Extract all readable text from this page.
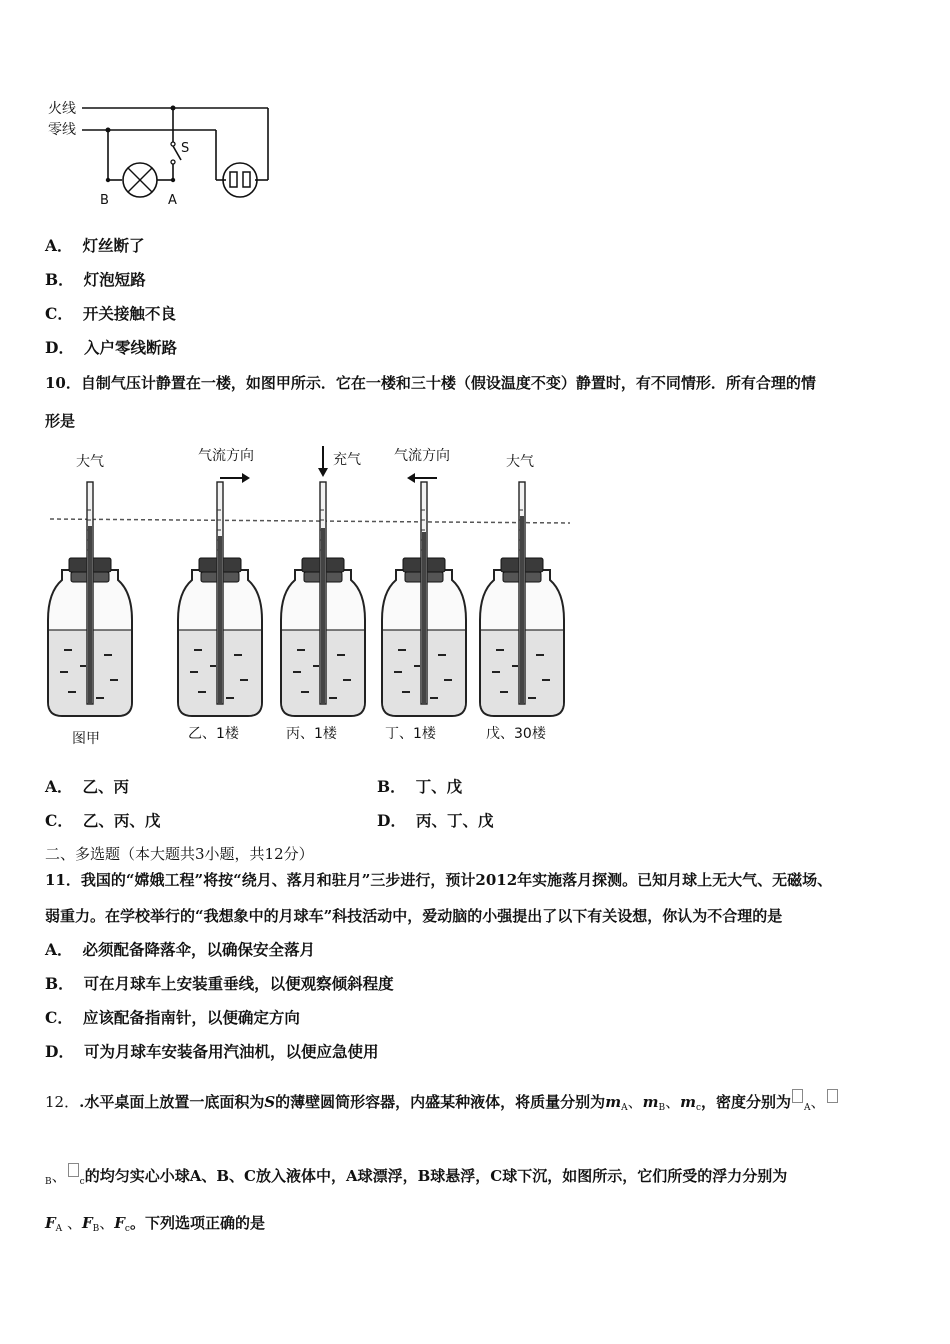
火线
零线
S
B	A
A． 灯丝断了
B． 灯泡短路
C． 开关接触不良
D． 入户零线断路
10．自制气压计静置在一楼，如图甲所示．它在一楼和三十楼（假设温度不变）静置时，有不同情形．所有合理的情
形是
大气	气流方向	充气 气流方向	大气
图甲	乙、1楼	丙、1楼	丁、1楼	戊、30楼
A． 乙、丙	B． 丁、戊
C． 乙、丙、戊	D． 丙、丁、戊
二、多选题（本大题共3小题，共12分）
11．我国的“嫦娥工程”将按“绕月、落月和驻月”三步进行，预计2012年实施落月探测。已知月球上无大气、无磁场、
弱重力。在学校举行的“我想象中的月球车”科技活动中，爱动脑的小强提出了以下有关设想，你认为不合理的是
A． 必须配备降落伞，以确保安全落月
B． 可在月球车上安装重垂线，以便观察倾斜程度
C． 应该配备指南针，以便确定方向
D． 可为月球车安装备用汽油机，以便应急使用
12．.水平桌面上放置一底面积为S的薄壁圆筒形容器，内盛某种液体，将质量分别为$m_A$、$m_B$、$m_c$，密度分别为 $_A$、
$_B$、 $_c$的均匀实心小球A、B、C放入液体中，A球漂浮，B球悬浮，C球下沉，如图所示，它们所受的浮力分别为
$F_A$ 、$F_B$、$F_c$。下列选项正确的是
